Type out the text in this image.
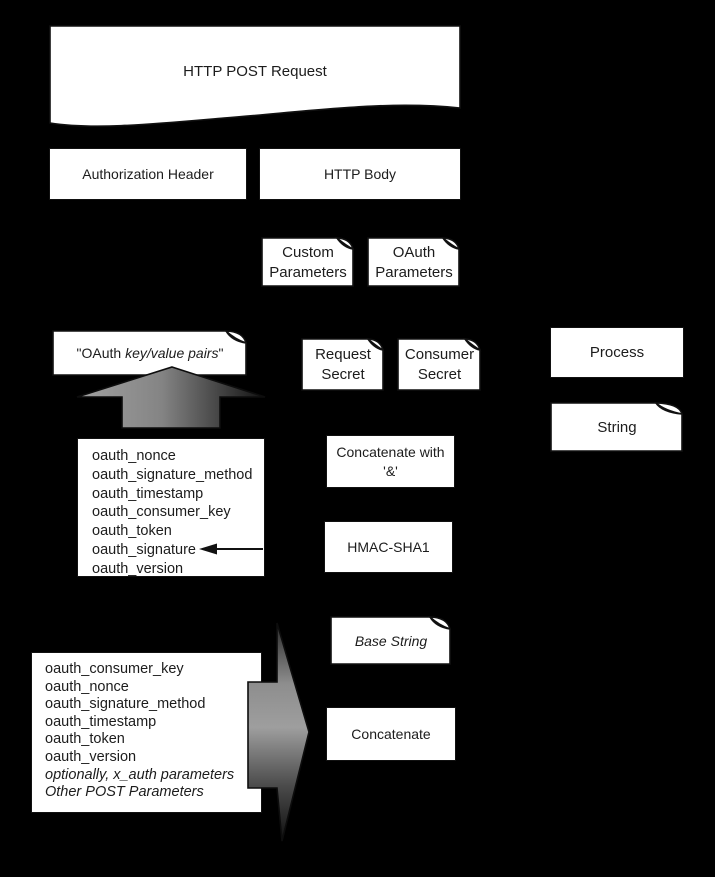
HTTP POST Request
Authorization Header	HTTP Body
Custom
Parameters
OAuth
Parameters
"OAuth key/value pairs"	Request
Secret
Consumer
Secret
Process
String
Concatenate with
'&'
HMAC-SHA1
Base String
Concatenate
oauth_nonce
oauth_signature_method
oauth_timestamp
oauth_consumer_key
oauth_token
oauth_signature
oauth_version
oauth_consumer_key
oauth_nonce
oauth_signature_method
oauth_timestamp
oauth_token
oauth_version
optionally, x_auth parameters
Other POST Parameters
